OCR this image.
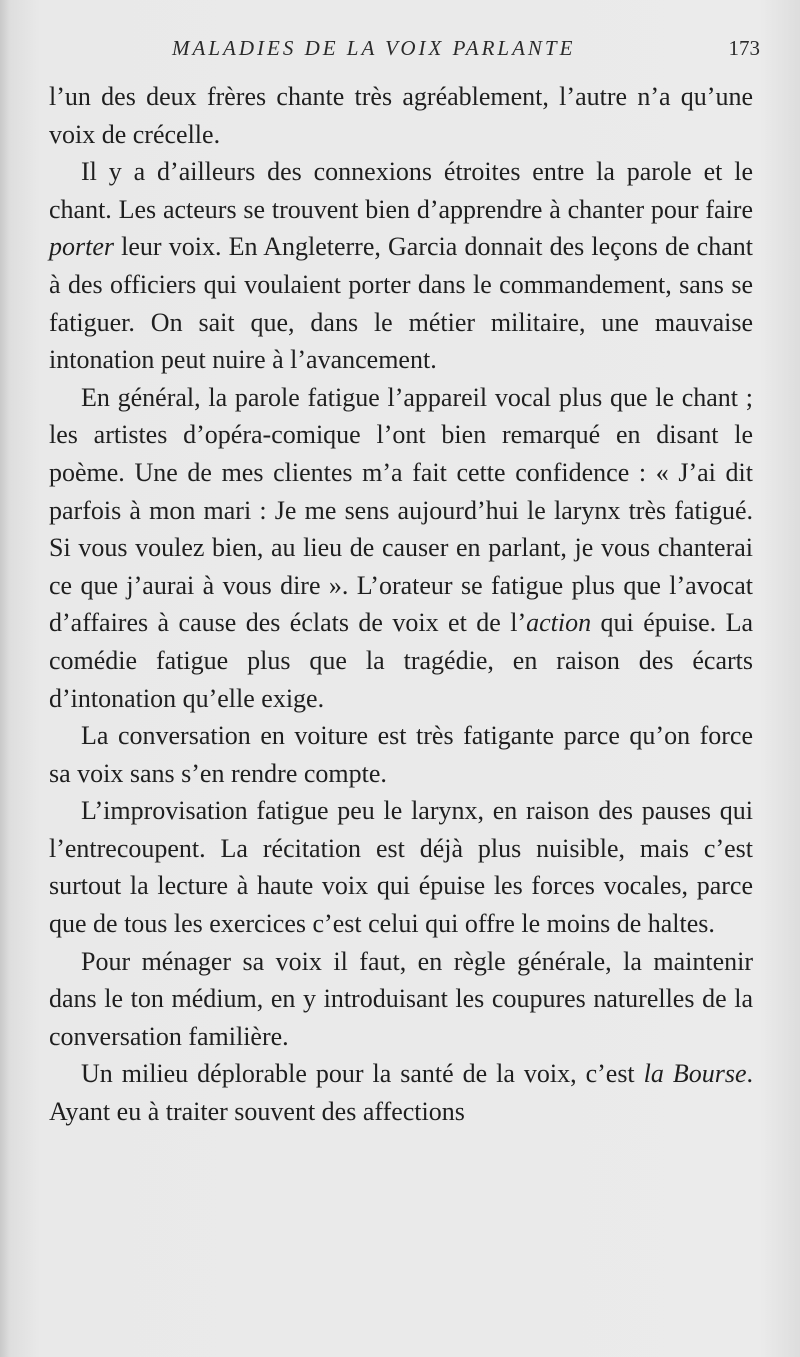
MALADIES DE LA VOIX PARLANTE	173

l’un des deux frères chante très agréablement, l’autre n’a qu’une voix de crécelle.

Il y a d’ailleurs des connexions étroites entre la parole et le chant. Les acteurs se trouvent bien d’apprendre à chanter pour faire porter leur voix. En Angleterre, Garcia donnait des leçons de chant à des officiers qui voulaient porter dans le commandement, sans se fatiguer. On sait que, dans le métier militaire, une mauvaise intonation peut nuire à l’avancement.

En général, la parole fatigue l’appareil vocal plus que le chant ; les artistes d’opéra-comique l’ont bien remarqué en disant le poème. Une de mes clientes m’a fait cette confidence : « J’ai dit parfois à mon mari : Je me sens aujourd’hui le larynx très fatigué. Si vous voulez bien, au lieu de causer en parlant, je vous chanterai ce que j’aurai à vous dire ». L’orateur se fatigue plus que l’avocat d’affaires à cause des éclats de voix et de l’action qui épuise. La comédie fatigue plus que la tragédie, en raison des écarts d’intonation qu’elle exige.

La conversation en voiture est très fatigante parce qu’on force sa voix sans s’en rendre compte.

L’improvisation fatigue peu le larynx, en raison des pauses qui l’entrecoupent. La récitation est déjà plus nuisible, mais c’est surtout la lecture à haute voix qui épuise les forces vocales, parce que de tous les exercices c’est celui qui offre le moins de haltes.

Pour ménager sa voix il faut, en règle générale, la maintenir dans le ton médium, en y introduisant les coupures naturelles de la conversation familière.

Un milieu déplorable pour la santé de la voix, c’est la Bourse. Ayant eu à traiter souvent des affections
